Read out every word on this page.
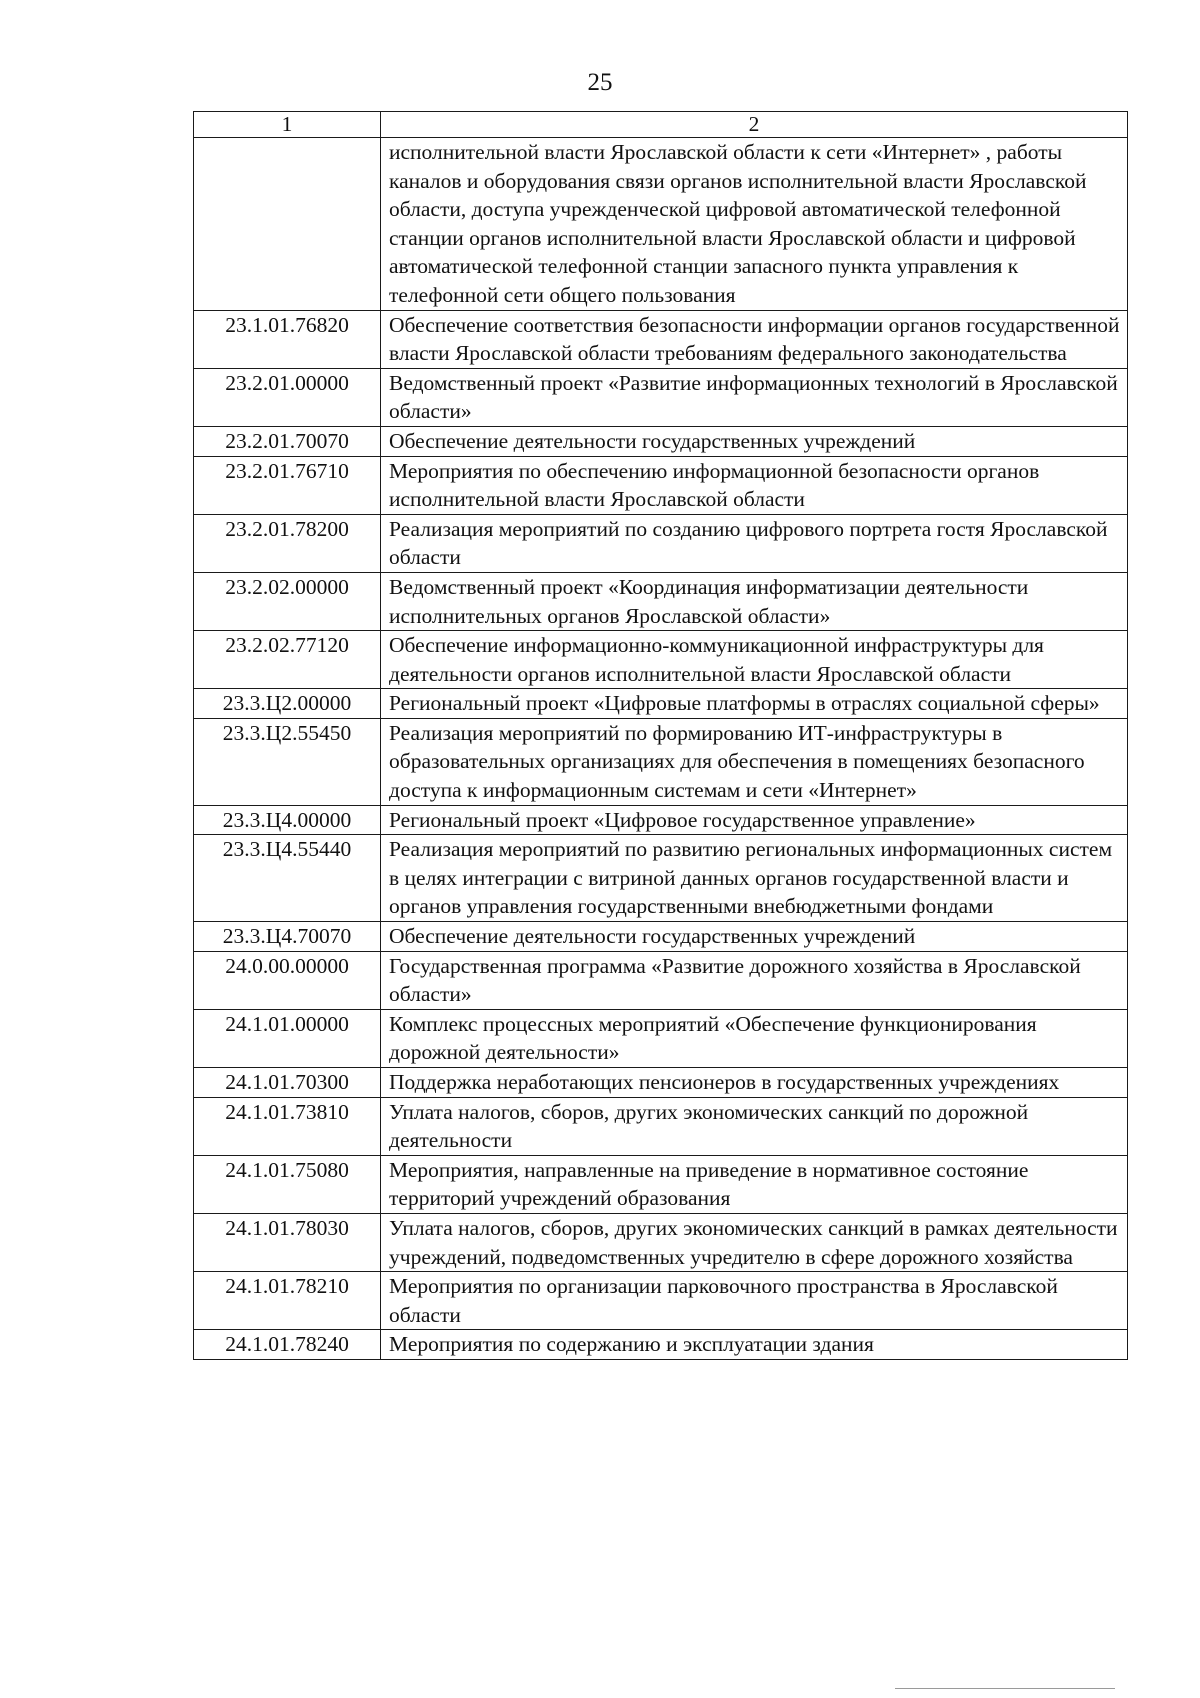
25
1	2
	исполнительной власти Ярославской области к сети «Интернет» , работы каналов и оборудования связи органов исполнительной власти Ярославской области, доступа учрежденческой цифровой автоматической телефонной станции органов исполнительной власти Ярославской области и цифровой автоматической телефонной станции запасного пункта управления к телефонной сети общего пользования
23.1.01.76820	Обеспечение соответствия безопасности информации органов государственной власти Ярославской области требованиям федерального законодательства
23.2.01.00000	Ведомственный проект «Развитие информационных технологий в Ярославской области»
23.2.01.70070	Обеспечение деятельности государственных учреждений
23.2.01.76710	Мероприятия по обеспечению информационной безопасности органов исполнительной власти Ярославской области
23.2.01.78200	Реализация мероприятий по созданию цифрового портрета гостя Ярославской области
23.2.02.00000	Ведомственный проект «Координация информатизации деятельности исполнительных органов Ярославской области»
23.2.02.77120	Обеспечение информационно-коммуникационной инфраструктуры для деятельности органов исполнительной власти Ярославской области
23.3.Ц2.00000	Региональный проект «Цифровые платформы в отраслях социальной сферы»
23.3.Ц2.55450	Реализация мероприятий по формированию ИТ-инфраструктуры в образовательных организациях для обеспечения в помещениях безопасного доступа к информационным системам и сети «Интернет»
23.3.Ц4.00000	Региональный проект «Цифровое государственное управление»
23.3.Ц4.55440	Реализация мероприятий по развитию региональных информационных систем в целях интеграции с витриной данных органов государственной власти и органов управления государственными внебюджетными фондами
23.3.Ц4.70070	Обеспечение деятельности государственных учреждений
24.0.00.00000	Государственная программа «Развитие дорожного хозяйства в Ярославской области»
24.1.01.00000	Комплекс процессных мероприятий «Обеспечение функционирования дорожной деятельности»
24.1.01.70300	Поддержка неработающих пенсионеров в государственных учреждениях
24.1.01.73810	Уплата налогов, сборов, других экономических санкций по дорожной деятельности
24.1.01.75080	Мероприятия, направленные на приведение в нормативное состояние территорий учреждений образования
24.1.01.78030	Уплата налогов, сборов, других экономических санкций в рамках деятельности учреждений, подведомственных учредителю в сфере дорожного хозяйства
24.1.01.78210	Мероприятия по организации парковочного пространства в Ярославской области
24.1.01.78240	Мероприятия по содержанию и эксплуатации здания
